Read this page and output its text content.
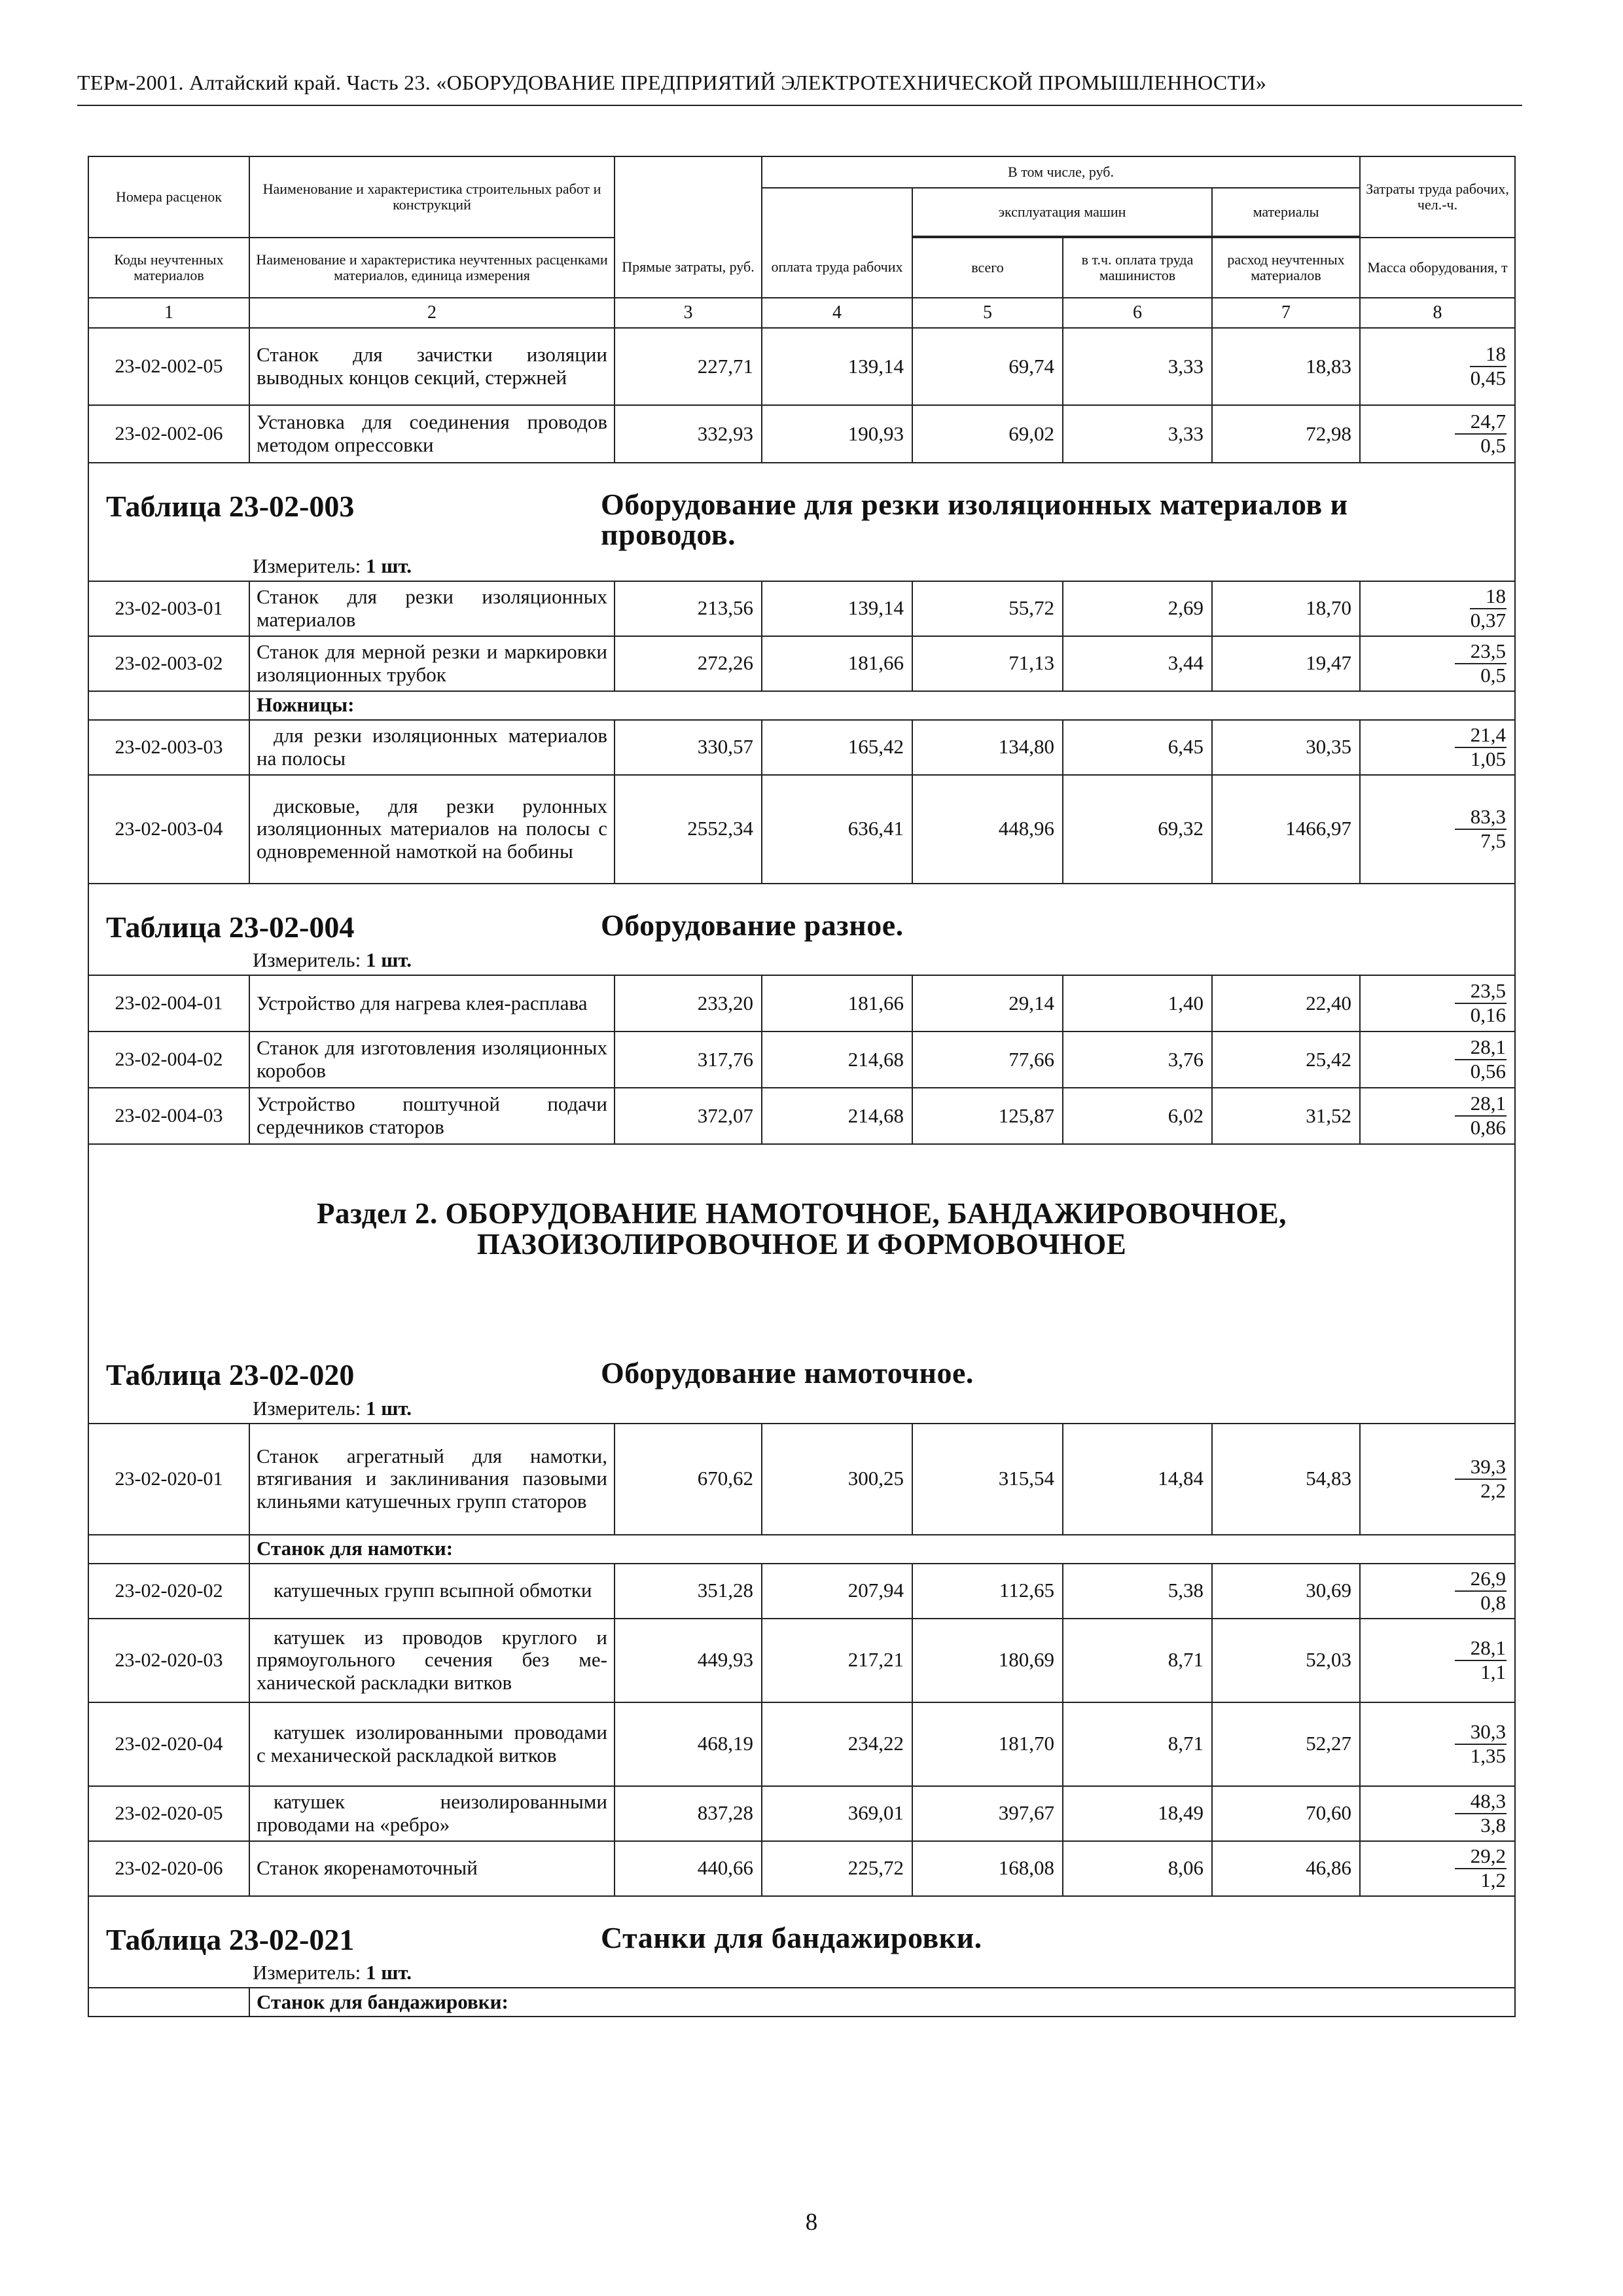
ТЕРм-2001. Алтайский край. Часть 23. «ОБОРУДОВАНИЕ ПРЕДПРИЯТИЙ ЭЛЕКТРОТЕХНИЧЕСКОЙ ПРОМЫШЛЕННОСТИ»
Номера расценок	Наименование и характеристика строительных работ и конструкций		В том числе, руб.				Затраты труда рабочих, чел.-ч.
				эксплуатация машин		материалы	

Коды неучтенных материалов	Наименование и характеристика неучтенных расценками материалов, единица измерения	Прямые затраты, руб.	оплата труда рабочих	всего	в т.ч. оплата труда машинистов	расход неучтенных материалов	Масса оборудования, т
1	2	3	4	5	6	7	8
23-02-002-05	Станок для зачистки изоляции выводных концов секций, стержней	227,71	139,14	69,74	3,33	18,83	$\frac{18}{0,45}$

23-02-002-06	Установка для соединения проводов методом опрессовки	332,93	190,93	69,02	3,33	72,98	$\frac{24,7}{0,5}$

Таблица 23-02-003 Оборудование для резки изоляционных материалов и проводов.
Измеритель: 1 шт.							

23-02-003-01	Станок для резки изоляционных материалов	213,56	139,14	55,72	2,69	18,70	$\frac{18}{0,37}$

23-02-003-02	Станок для мерной резки и маркировки изоляционных трубок	272,26	181,66	71,13	3,44	19,47	$\frac{23,5}{0,5}$

	Ножницы:						
23-02-003-03	для резки изоляционных материалов на полосы	330,57	165,42	134,80	6,45	30,35	$\frac{21,4}{1,05}$

23-02-003-04	дисковые, для резки рулонных изоляционных материалов на полосы с одновременной намоткой на бобины	2552,34	636,41	448,96	69,32	1466,97	$\frac{83,3}{7,5}$

Таблица 23-02-004 Оборудование разное.
Измеритель: 1 шт.							

23-02-004-01	Устройство для нагрева клея-расплава	233,20	181,66	29,14	1,40	22,40	$\frac{23,5}{0,16}$

23-02-004-02	Станок для изготовления изоляционных коробов	317,76	214,68	77,66	3,76	25,42	$\frac{28,1}{0,56}$

23-02-004-03	Устройство поштучной подачи сердечников статоров	372,07	214,68	125,87	6,02	31,52	$\frac{28,1}{0,86}$

Раздел 2. ОБОРУДОВАНИЕ НАМОТОЧНОЕ, БАНДАЖИРОВОЧНОЕ,
ПАЗОИЗОЛИРОВОЧНОЕ И ФОРМОВОЧНОЕ
Таблица 23-02-020 Оборудование намоточное.
Измеритель: 1 шт.							

23-02-020-01	Станок агрегатный для намотки, втягивания и заклинивания пазовыми клиньями катушечных групп статоров	670,62	300,25	315,54	14,84	54,83	$\frac{39,3}{2,2}$

	Станок для намотки:						
23-02-020-02	катушечных групп всыпной обмотки	351,28	207,94	112,65	5,38	30,69	$\frac{26,9}{0,8}$

23-02-020-03	катушек из проводов круглого и прямоугольного сечения без механической раскладки витков	449,93	217,21	180,69	8,71	52,03	$\frac{28,1}{1,1}$

23-02-020-04	катушек изолированными проводами с механической раскладкой витков	468,19	234,22	181,70	8,71	52,27	$\frac{30,3}{1,35}$

23-02-020-05	катушек неизолированными проводами на «ребро»	837,28	369,01	397,67	18,49	70,60	$\frac{48,3}{3,8}$

23-02-020-06	Станок якоренамоточный	440,66	225,72	168,08	8,06	46,86	$\frac{29,2}{1,2}$

Таблица 23-02-021 Станки для бандажировки.
Измеритель: 1 шт.							

	Станок для бандажировки:						
8
